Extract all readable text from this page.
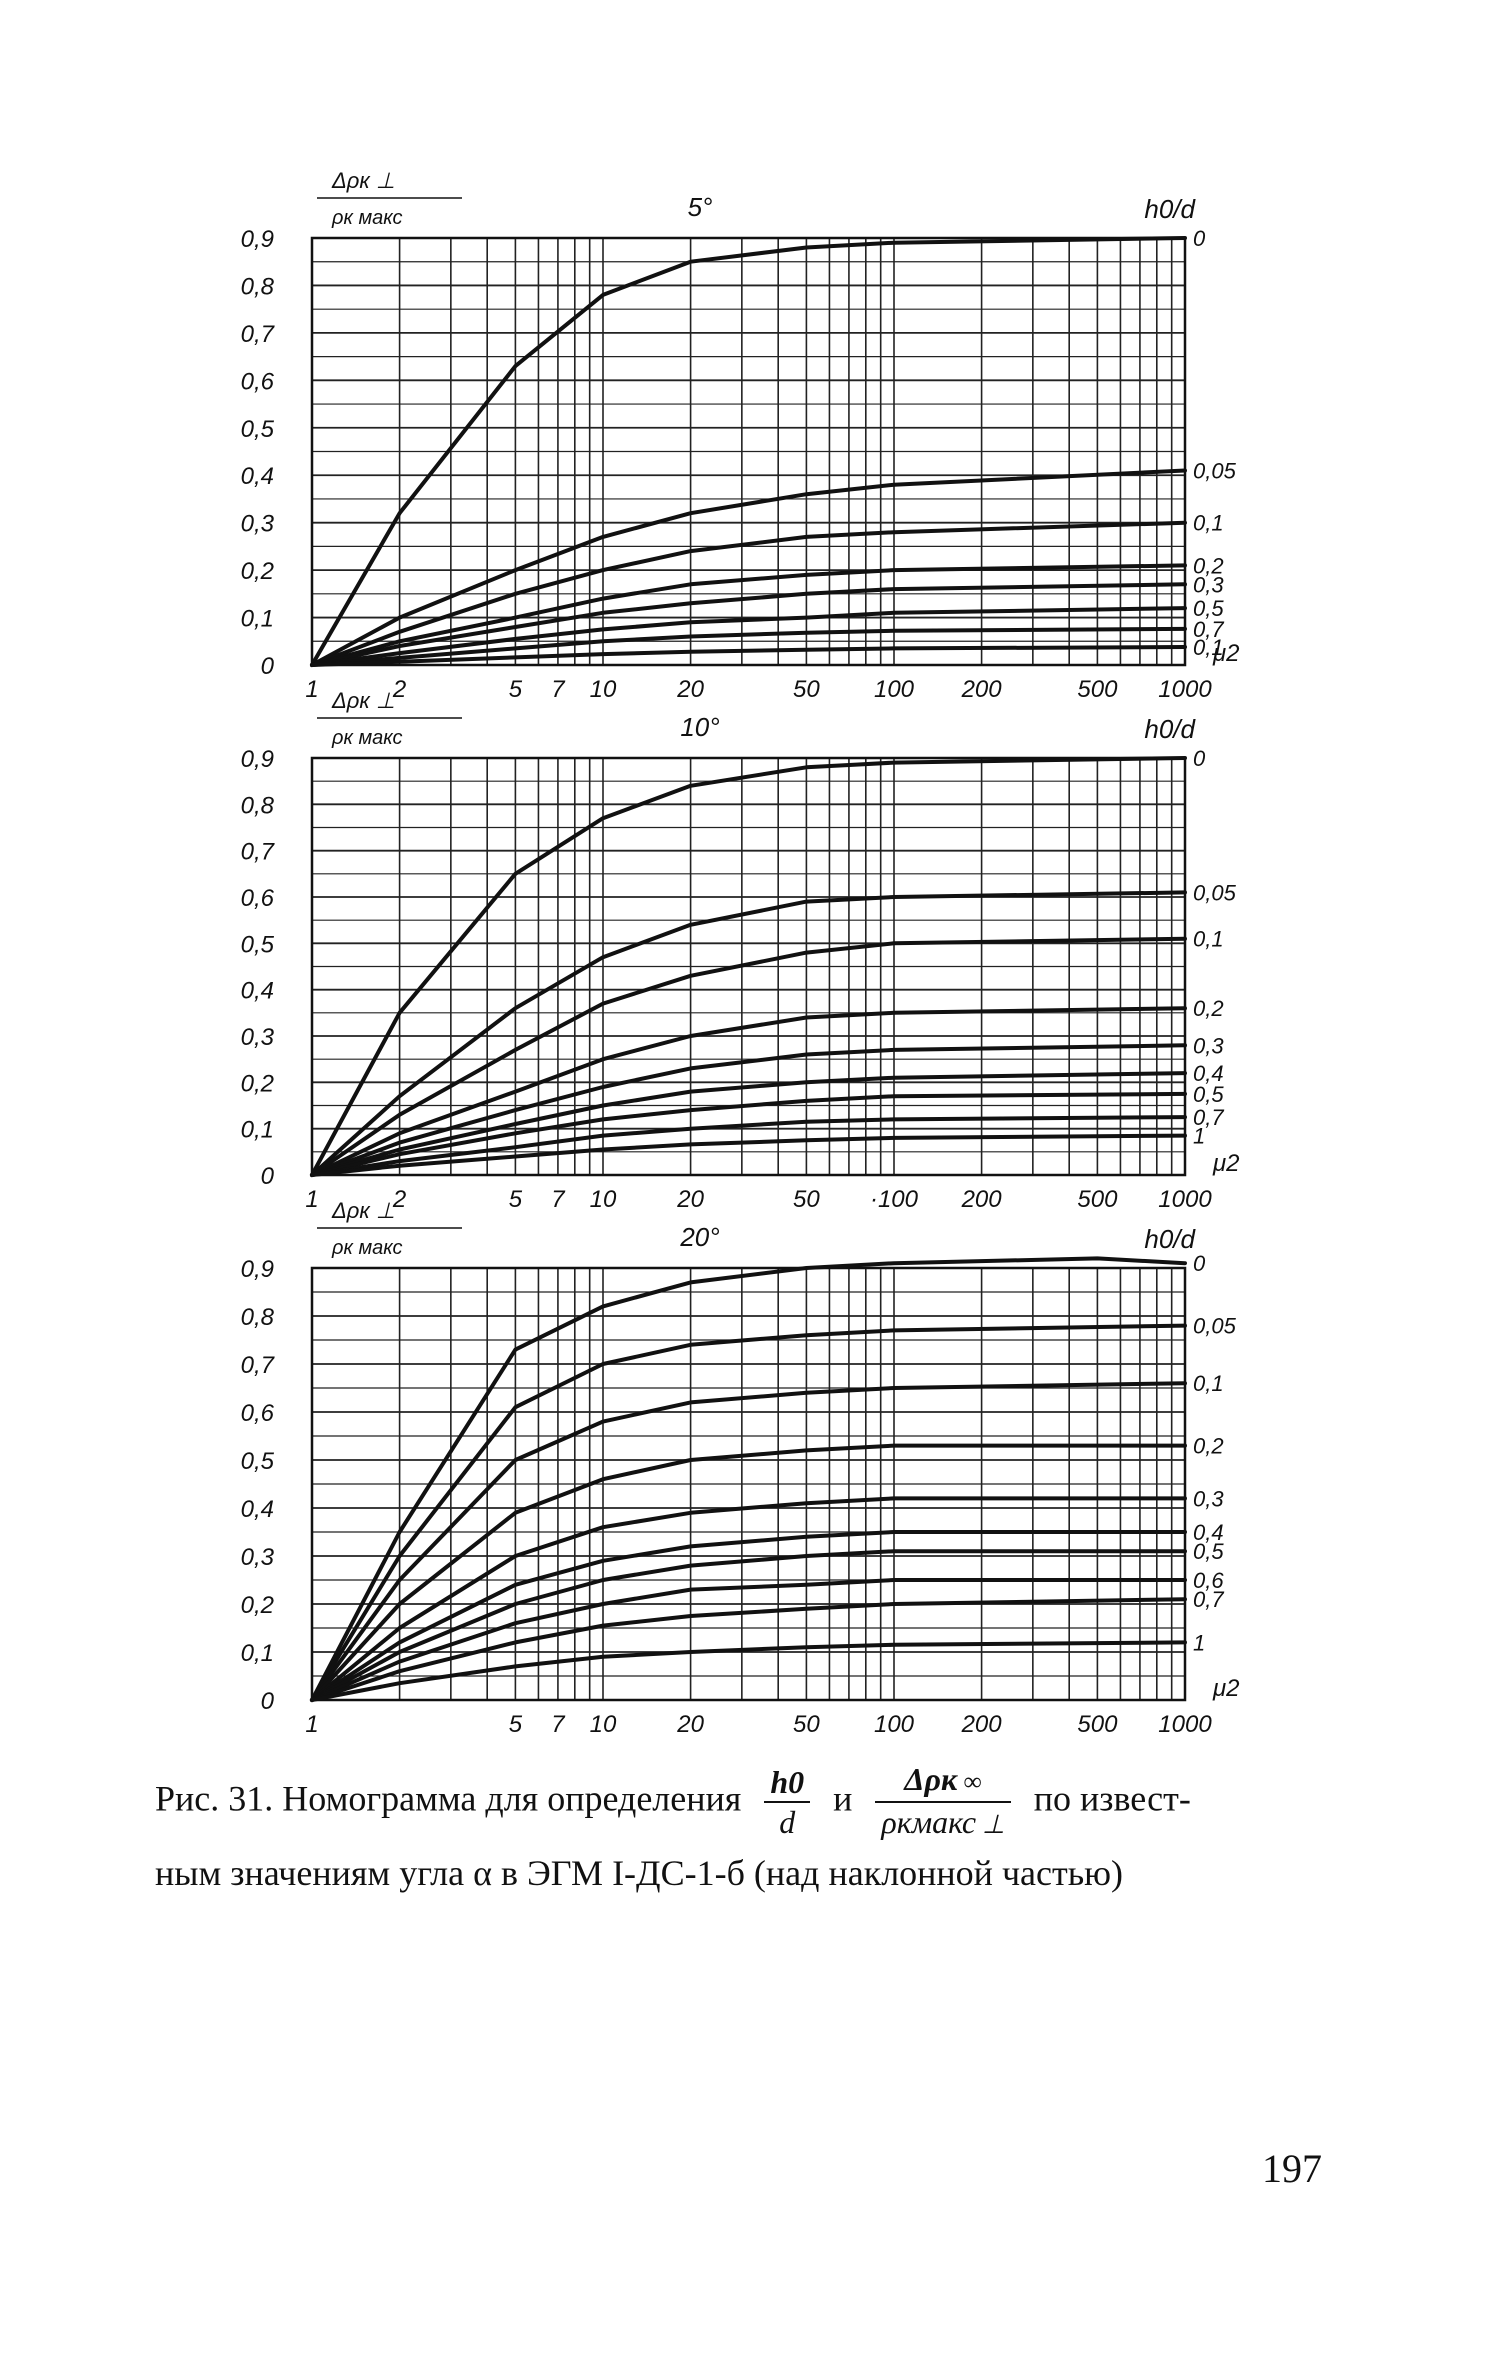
0
0,1
0,2
0,3
0,4
0,5
0,6
0,7
0,8
0,9
1	2	5 7 10	20	50 100 200	500 1000
5°
Δρк ⊥
ρк макс	h0/d
μ2
0
0,05
0,1
0,2
0,3
0,5
0,7
0,1
0
0,1
0,2
0,3
0,4
0,5
0,6
0,7
0,8
0,9
1	2	5 7 10	20	50 ·100 200	500 1000
10°
Δρк ⊥
ρк макс	h0/d
μ2
0
0,05
0,1
0,2
0,3
0,4
0,5
0,7
1
0
0,1
0,2
0,3
0,4
0,5
0,6
0,7
0,8
0,9
1	5 7 10	20	50 100 200	500 1000
20°
Δρк ⊥
ρк макс	h0/d
μ2
0
0,05
0,1
0,2
0,3
0,4
0,5
0,6
0,7
1
Рис. 31. Номограмма для определения $\frac{h0}{d}$ и $\frac{\text{Δρк ∞}}{\text{ρкмакс ⊥}}$ по извест-
ным значениям угла α в ЭГМ I-ДС-1-б (над наклонной частью)
197
